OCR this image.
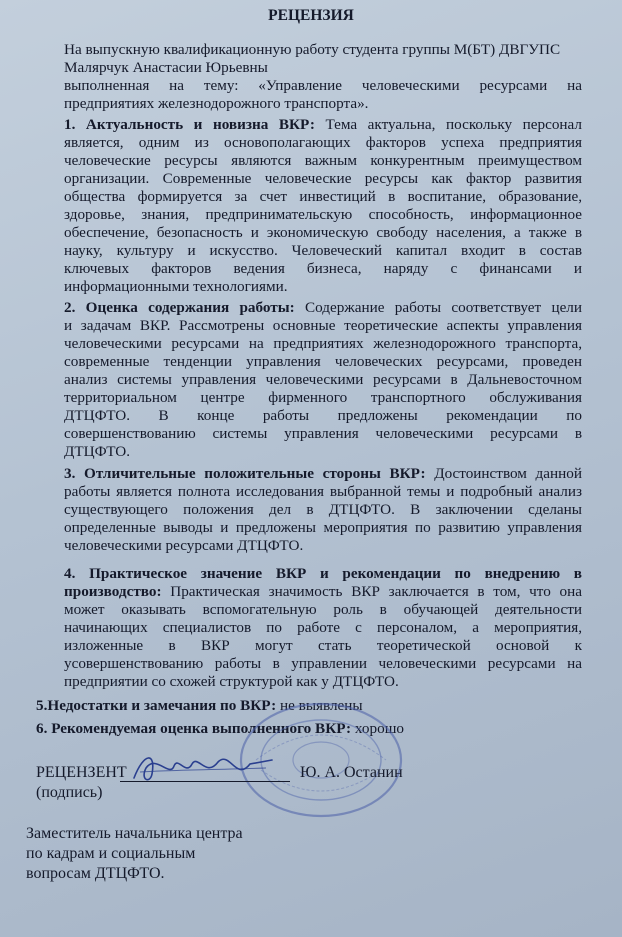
РЕЦЕНЗИЯ
На выпускную квалификационную работу студента группы М(БТ) ДВГУПС
Малярчук Анастасии Юрьевны
выполненная на тему: «Управление человеческими ресурсами на
предприятиях железнодорожного транспорта».
1. Актуальность и новизна ВКР: Тема актуальна, поскольку персонал
является, одним из основополагающих факторов успеха предприятия
человеческие ресурсы являются важным конкурентным преимуществом
организации. Современные человеческие ресурсы как фактор развития
общества формируется за счет инвестиций в воспитание, образование,
здоровье, знания, предпринимательскую способность, информационное
обеспечение, безопасность и экономическую свободу населения, а также в
науку, культуру и искусство. Человеческий капитал входит в состав
ключевых факторов ведения бизнеса, наряду с финансами и
информационными технологиями.
2. Оценка содержания работы: Содержание работы соответствует цели
и задачам ВКР. Рассмотрены основные теоретические аспекты управления
человеческими ресурсами на предприятиях железнодорожного транспорта,
современные тенденции управления человеческих ресурсами, проведен
анализ системы управления человеческими ресурсами в Дальневосточном
территориальном центре фирменного транспортного обслуживания
ДТЦФТО. В конце работы предложены рекомендации по
совершенствованию системы управления человеческими ресурсами в
ДТЦФТО.
3. Отличительные положительные стороны ВКР: Достоинством данной
работы является полнота исследования выбранной темы и подробный анализ
существующего положения дел в ДТЦФТО. В заключении сделаны
определенные выводы и предложены мероприятия по развитию управления
человеческими ресурсами ДТЦФТО.
4. Практическое значение ВКР и рекомендации по внедрению в
производство: Практическая значимость ВКР заключается в том, что она
может оказывать вспомогательную роль в обучающей деятельности
начинающих специалистов по работе с персоналом, а мероприятия,
изложенные в ВКР могут стать теоретической основой к
усовершенствованию работы в управлении человеческими ресурсами на
предприятии со схожей структурой как у ДТЦФТО.
5.Недостатки и замечания по ВКР: не выявлены
6. Рекомендуемая оценка выполненного ВКР: хорошо
РЕЦЕНЗЕНТ	Ю. А. Останин
(подпись)
Заместитель начальника центра
по кадрам и социальным
вопросам ДТЦФТО.
